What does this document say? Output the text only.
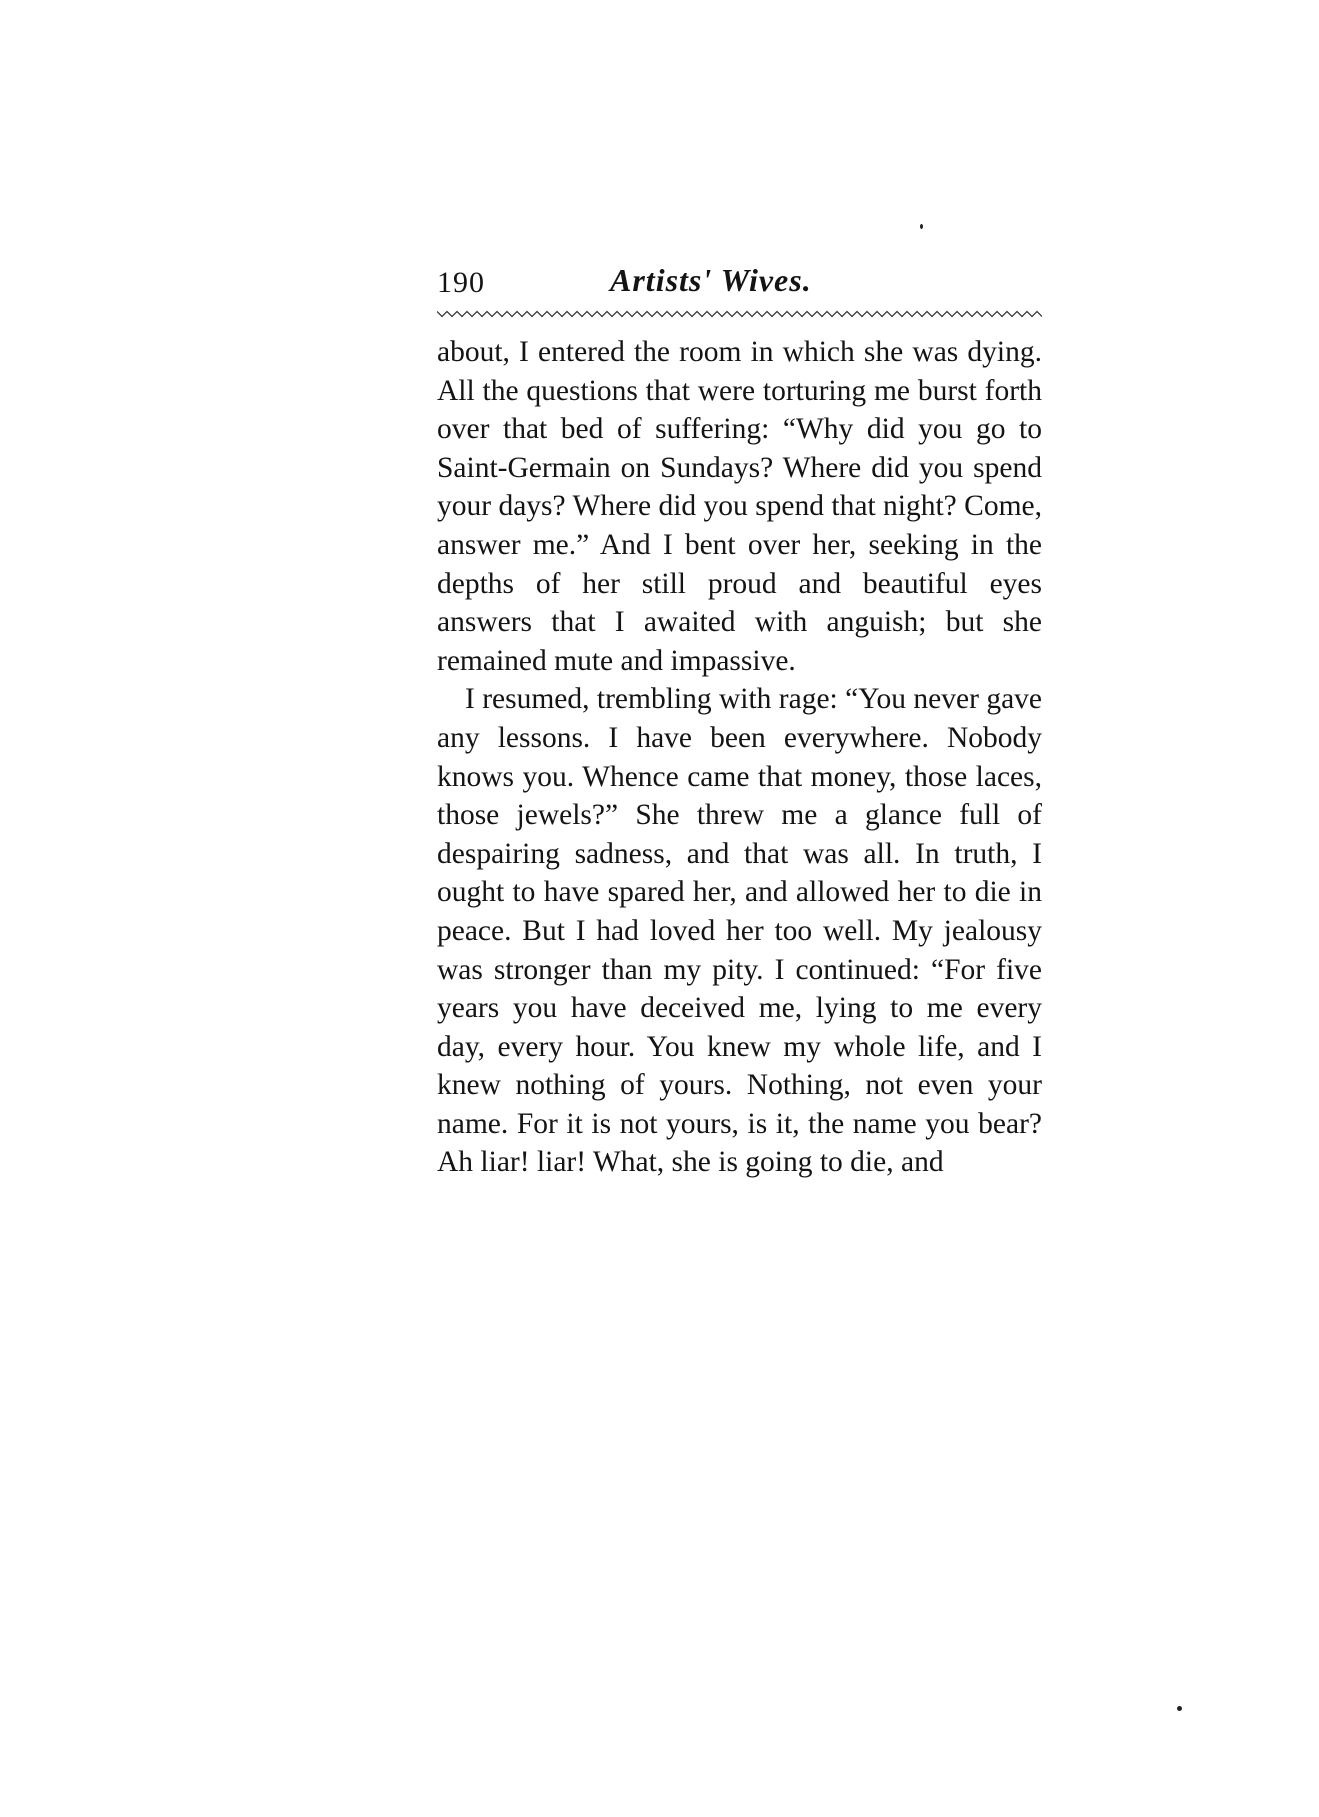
190	Artists' Wives.

about, I entered the room in which she was dying. All the questions that were torturing me burst forth over that bed of suffering: “Why did you go to Saint-Germain on Sundays? Where did you spend your days? Where did you spend that night? Come, answer me.” And I bent over her, seeking in the depths of her still proud and beautiful eyes answers that I awaited with anguish; but she remained mute and impassive.

I resumed, trembling with rage: “You never gave any lessons. I have been everywhere. Nobody knows you. Whence came that money, those laces, those jewels?” She threw me a glance full of despairing sadness, and that was all. In truth, I ought to have spared her, and allowed her to die in peace. But I had loved her too well. My jealousy was stronger than my pity. I continued: “For five years you have deceived me, lying to me every day, every hour. You knew my whole life, and I knew nothing of yours. Nothing, not even your name. For it is not yours, is it, the name you bear? Ah liar! liar! What, she is going to die, and
